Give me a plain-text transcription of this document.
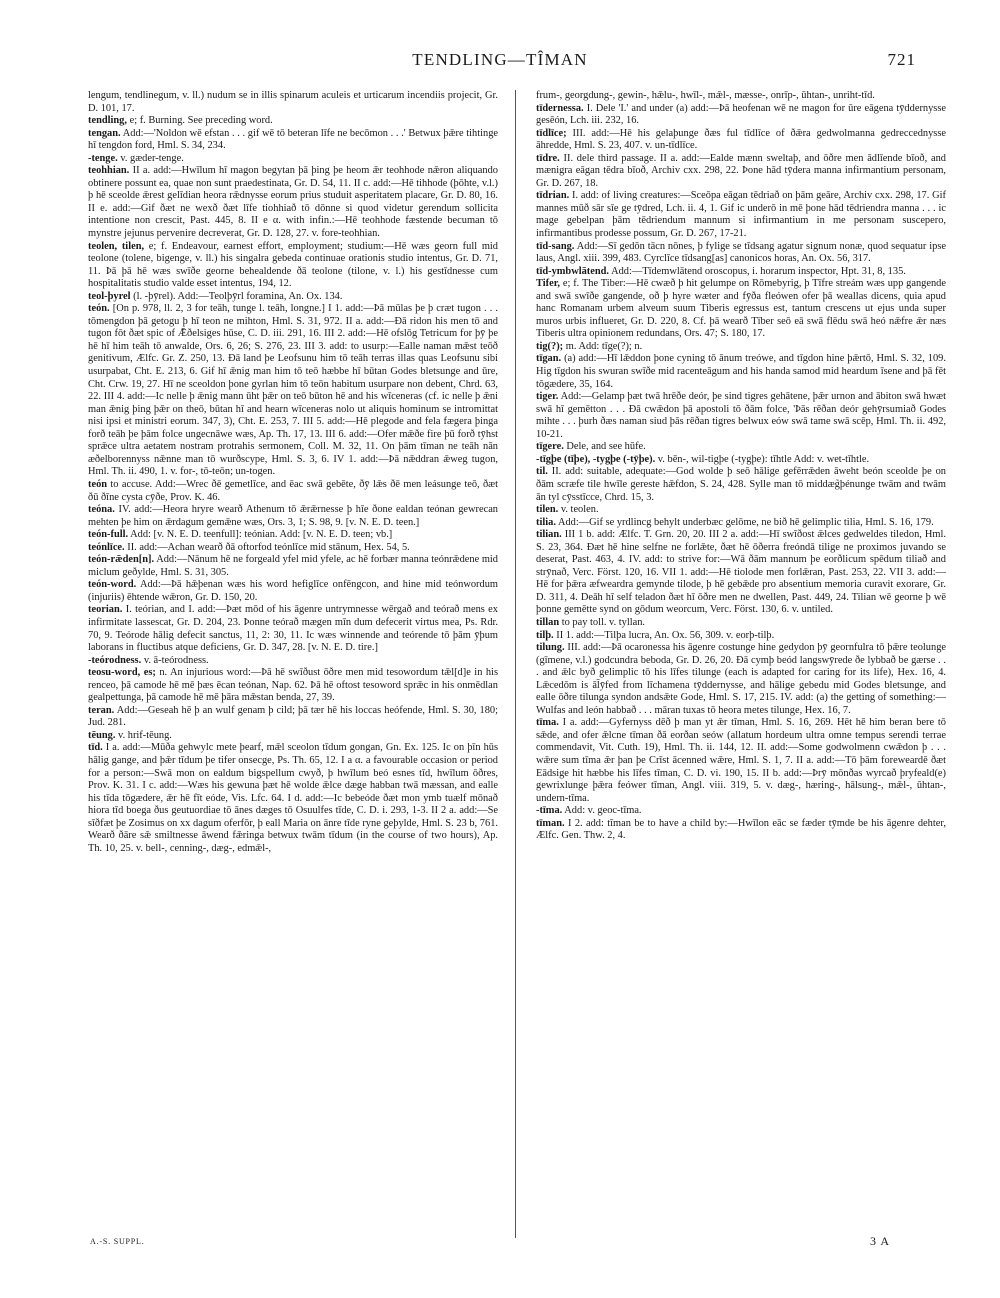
TENDLING—TÎMAN	721

lengum, tendlinegum, v. ll.) nudum se in illis spinarum aculeis et urticarum incendiis projecit, Gr. D. 101, 17.

tendling, e; f. Burning. See preceding word.

tengan. Add:—'Noldon wē efstan . . . gif wē tō beteran līfe ne becōmon . . .' Betwux þǣre tihtinge hī tengdon ford, Hml. S. 34, 234.

-tenge. v. gæder-tenge.

teohhian. II a. add:—Hwīlum hī magon begytan þā þing þe heom ǣr teohhode nǣron aliquando obtinere possunt ea, quae non sunt praedestinata, Gr. D. 54, 11. II c. add:—Hē tihhode (þōhte, v.l.) þ hē sceolde ǣrest gelīdian heora rǣdnysse eorum prius studuit asperitatem placare, Gr. D. 80, 16. II e. add:—Gif ðæt ne wexð ðæt līfe tiohhiað tō dōnne si quod videtur gerendum sollicita intentione non crescit, Past. 445, 8. II e α. with infin.:—Hē teohhode fæstende becuman tō mynstre jejunus pervenire decreverat, Gr. D. 128, 27. v. fore-teohhian.

teolen, tilen, e; f. Endeavour, earnest effort, employment; studium:—Hē wæs georn full mid teolone (tolene, bigenge, v. ll.) his singalra gebeda continuae orationis studio intentus, Gr. D. 71, 11. Þā þā hē wæs swīðe georne behealdende ðā teolone (tilone, v. l.) his gestīdnesse cum hospitalitatis studio valde esset intentus, 194, 12.

teol-þyrel (l. -þȳrel). Add:—Teolþȳrl foramina, An. Ox. 134.

teón. [On p. 978, ll. 2, 3 for teāh, tunge l. teāh, longne.] I 1. add:—Þā mūlas þe þ cræt tugon . . . tōmengdon þā getogu þ hī teon ne mihton, Hml. S. 31, 972. II a. add:—Ðā ridon his men tō and tugon fōt ðæt spic of Ǣðelsiges hūse, C. D. iii. 291, 16. III 2. add:—Hē ofslōg Tetricum for þȳ þe hē hī him teāh tō anwalde, Ors. 6, 26; S. 276, 23. III 3. add: to usurp:—Ealle naman mǣst teōð genitivum, Ælfc. Gr. Z. 250, 13. Ðā land þe Leofsunu him tō teāh terras illas quas Leofsunu sibi usurpabat, Cht. E. 213, 6. Gif hī ǣnig man him tō teō hæbbe hī būtan Godes bletsunge and ūre, Cht. Crw. 19, 27. Hī ne sceoldon þone gyrlan him tō teōn habitum usurpare non debent, Chrd. 63, 22. III 4. add:—Ic nelle þ ǣnig mann ūht þǣr on teō būton hē and his wīceneras (cf. ic nelle þ ǣni man ǣnig þing þǣr on theō, būtan hī and hearn wīceneras nolo ut aliquis hominum se intromittat nisi ipsi et ministri eorum. 347, 3), Cht. E. 253, 7. III 5. add:—Hē plegode and fela fægera þinga forð teāh þe þām folce ungecnāwe wæs, Ap. Th. 17, 13. III 6. add:—Ofer mǣðe fire þū forð tȳhst sprǣce ultra aetatem nostram protrahis sermonem, Coll. M. 32, 11. On þām tīman ne teāh nān æðelborennyss nǣnne man tō wurðscype, Hml. S. 3, 6. IV 1. add:—Þā nǣddran ǣweg tugon, Hml. Th. ii. 490, 1. v. for-, tō-teōn; un-togen.

teón to accuse. Add:—Wrec ðē gemetlīce, and ēac swā gebēte, ðȳ lǣs ðē men leásunge teō, ðæt ðū ðīne cysta cȳðe, Prov. K. 46.

teóna. IV. add:—Heora hryre wearð Athenum tō ǣrǣrnesse þ hīe ðone ealdan teónan gewrecan mehten þe him on ǣrdagum gemǣne wæs, Ors. 3, 1; S. 98, 9. [v. N. E. D. teen.]

teón-full. Add: [v. N. E. D. teenfull]: teónian. Add: [v. N. E. D. teen; vb.]

teónlīce. II. add:—Achan wearð ðā oftorfod teónlīce mid stānum, Hex. 54, 5.

teón-rǣden[n]. Add:—Nānum hē ne forgeald yfel mid yfele, ac hē forbær manna teónrǣdene mid miclum geðylde, Hml. S. 31, 305.

teón-word. Add:—Þā hǣþenan wæs his word hefiglīce onfēngcon, and hine mid teónwordum (injuriis) ēhtende wǣron, Gr. D. 150, 20.

teorian. I. teórian, and I. add:—Þæt mōd of his āgenre untrymnesse wērgað and teórað mens ex infirmitate lassescat, Gr. D. 204, 23. Þonne teórað mægen mīn dum defecerit virtus mea, Ps. Rdr. 70, 9. Teórode hālig defecit sanctus, 11, 2: 30, 11. Ic wæs winnende and teórende tō þām ȳþum laborans in fluctibus atque deficiens, Gr. D. 347, 28. [v. N. E. D. tire.]

-teórodness. v. ā-teórodness.

teosu-word, es; n. An injurious word:—Þā hē swīðust ōðre men mid tesowordum tǣl[d]e in his renceo, þā camode hē mē þæs ēcan teónan, Nap. 62. Þā hē oftost tesoword sprǣc in his onmēdlan gealpettunga, þā camode hē mē þāra mǣstan benda, 27, 39.

teran. Add:—Geseah hē þ an wulf genam þ cild; þā tær hē his loccas heófende, Hml. S. 30, 180; Jud. 281.

tēung. v. hrif-tēung.

tīd. I a. add:—Mūða gehwylc mete þearf, mǣl sceolon tīdum gongan, Gn. Ex. 125. Ic on þīn hūs hālig gange, and þǣr tīdum þe tifer onsecge, Ps. Th. 65, 12. I a α. a favourable occasion or period for a person:—Swā mon on ealdum bigspellum cwyð, þ hwīlum beó esnes tīd, hwīlum ōðres, Prov. K. 31. I c. add:—Wæs his gewuna þæt hē wolde ǣlce dæge habban twā mæssan, and ealle his tīda tōgædere, ǣr hē fīt eóde, Vis. Lfc. 64. I d. add:—Ic bebeóde ðæt mon ymb tuælf mōnað hiora tīd boega ðus geutuordiae tō ānes dæges tō Osuulfes tīde, C. D. i. 293, 1-3. II 2 a. add:—Se sīðfæt þe Zosimus on xx dagum oferfōr, þ eall Maria on ānre tīde ryne geþylde, Hml. S. 23 b, 761. Wearð ðāre sǣ smiltnesse āwend fǣringa betwux twām tīdum (in the course of two hours), Ap. Th. 10, 25. v. bell-, cenning-, dæg-, edmǣl-,

frum-, georgdung-, gewin-, hǣlu-, hwīl-, mǣl-, mæsse-, onrīp-, ūhtan-, unriht-tīd.

tīdernessa. I. Dele 'I.' and under (a) add:—Þā heofenan wē ne magon for ūre eāgena tȳddernysse gesēón, Lch. iii. 232, 16.

tīdlīce; III. add:—Hē his gelaþunge ðæs ful tīdlīce of ðǣra gedwolmanna gedreccednysse āhredde, Hml. S. 23, 407. v. un-tīdlīce.

tīdre. II. dele third passage. II a. add:—Ealde mænn sweltaþ, and ōðre men ādlīende bīoð, and mænigra eāgan tēdra bīoð, Archiv cxx. 298, 22. Þone hād tȳdera manna infirmantium personam, Gr. D. 267, 18.

tīdrian. I. add: of living creatures:—Sceōpa eāgan tēdriað on þām geāre, Archiv cxx. 298, 17. Gif mannes mūð sār sīe ge tȳdred, Lch. ii. 4, 1. Gif ic underō in mē þone hād tēdriendra manna . . . ic mage gebelpan þām tēdriendum mannum si infirmantium in me personam suscepero, infirmantibus prodesse possum, Gr. D. 267, 17-21.

tīd-sang. Add:—Sī gedōn tācn nōnes, þ fylige se tīdsang agatur signum nonæ, quod sequatur ipse laus, Angl. xiii. 399, 483. Cyrclīce tīdsang[as] canonicos horas, An. Ox. 56, 317.

tīd-ymbwlātend. Add:—Tīdemwlātend oroscopus, i. horarum inspector, Hpt. 31, 8, 135.

Tifer, e; f. The Tiber:—Hē cwæð þ hit gelumpe on Rōmebyrig, þ Tīfre streám wæs upp gangende and swā swīðe gangende, oð þ hyre wæter and fȳða fleówen ofer þā weallas dicens, quia apud hanc Romanam urbem alveum suum Tiberis egressus est, tantum crescens ut ejus unda super muros urbis influeret, Gr. D. 220, 8. Cf. þā wearð Tīber seō eā swā flēdu swā heó nǣfre ǣr næs Tiberis ultra opinionem redundans, Ors. 47; S. 180, 17.

tig(?); m. Add: tīge(?); n.

tīgan. (a) add:—Hī lǣddon þone cyning tō ānum treówe, and tīgdon hine þǣrtō, Hml. S. 32, 109. Hig tīgdon his swuran swīðe mid racenteāgum and his handa samod mid heardum īsene and þā fēt tōgædere, 35, 164.

tiger. Add:—Gelamp þæt twā hrēðe deór, þe sind tigres gehātene, þǣr urnon and ābiton swā hwæt swā hī gemētton . . . Ðā cwǣdon þā apostoli tō ðām folce, 'Þās rēðan deór gehȳrsumiað Godes mihte . . . þurh ðæs naman siud þās rēðan tigres belwux eów swā tame swā scēp, Hml. Th. ii. 492, 10-21.

tīgere. Dele, and see hūfe.

-tīgþe (tīþe), -tygþe (-tȳþe). v. bēn-, wil-tigþe (-tygþe): tīhtle Add: v. wet-tīhtle.

til. II. add: suitable, adequate:—God wolde þ seō hālige gefērrǣden āweht beón sceolde þe on ðām scræfe tile hwīle gereste hǣfdon, S. 24, 428. Sylle man tō middæg̃þénunge twām and twām ān tyl cȳsstīcce, Chrd. 15, 3.

tilen. v. teolen.

tilia. Add:—Gif se yrdlincg behylt underbæc gelōme, ne bið hē gelimplic tilia, Hml. S. 16, 179.

tilian. III 1 b. add: Ælfc. T. Grn. 20, 20. III 2 a. add:—Hī swīðost ǣlces gedweldes tiledon, Hml. S. 23, 364. Ðæt hē hine selfne ne forlǣte, ðæt hē ōðerra freóndā tilige ne proximos juvando se deserat, Past. 463, 4. IV. add: to strive for:—Wā ðām mannum þe eorðlicum spēdum tiliað and strȳnað, Verc. Först. 120, 16. VII 1. add:—Hē tiolode men forlǣran, Past. 253, 22. VII 3. add:—Hē for þǣra æfweardra gemynde tilode, þ hē gebǣde pro absentium memoria curavit exorare, Gr. D. 311, 4. Deāh hī self teladon ðæt hī ōðre men ne dwellen, Past. 449, 24. Tilian wē georne þ wē þonne gemētte synd on gōdum weorcum, Verc. Först. 130, 6. v. untiled.

tillan to pay toll. v. tyllan.

tilþ. II 1. add:—Tilþa lucra, An. Ox. 56, 309. v. eorþ-tilþ.

tilung. III. add:—Þā ocaronessa his āgenre costunge hine gedydon þȳ geornfulra tō þǣre teolunge (gīmene, v.l.) godcundra beboda, Gr. D. 26, 20. Ðā cymþ beód langswȳrede ðe lybbað be gærse . . . and ǣlc byð gelimplic tō his līfes tilunge (each is adapted for caring for its life), Hex. 16, 4. Lǣcedōm is āl̄ȳfed from līchamena tȳddernysse, and hālige gebedu mid Godes bletsunge, and ealle ōðre tilunga syndon andsǣte Gode, Hml. S. 17, 215. IV. add: (a) the getting of something:—Wulfas and león habbað . . . māran tuxas tō heora metes tilunge, Hex. 16, 7.

tīma. I a. add:—Gyfernyss dēð þ man yt ǣr tīman, Hml. S. 16, 269. Hēt hē him beran bere tō sǣde, and ofer ǣlcne tīman ðā eorðan seów (allatum hordeum ultra omne tempus serendi terrae commendavit, Vit. Cuth. 19), Hml. Th. ii. 144, 12. II. add:—Some godwolmenn cwǣdon þ . . . wǣre sum tīma ǣr þan þe Crīst ācenned wǣre, Hml. S. 1, 7. II a. add:—Tō þām foreweardē ðæt Eādsige hit hæbbe his līfes tīman, C. D. vi. 190, 15. II b. add:—Þrȳ mōnðas wyrcað þryfeald(e) gewrixlunge þǣra feówer tīman, Angl. viii. 319, 5. v. dæg-, hæring-, hālsung-, mǣl-, ūhtan-, undern-tīma.

-tīma. Add: v. geoc-tīma.

tīman. I 2. add: tīman be to have a child by:—Hwīlon eāc se fæder tȳmde be his āgenre dehter, Ælfc. Gen. Thw. 2, 4.

A.-S. SUPPL.	3 A
